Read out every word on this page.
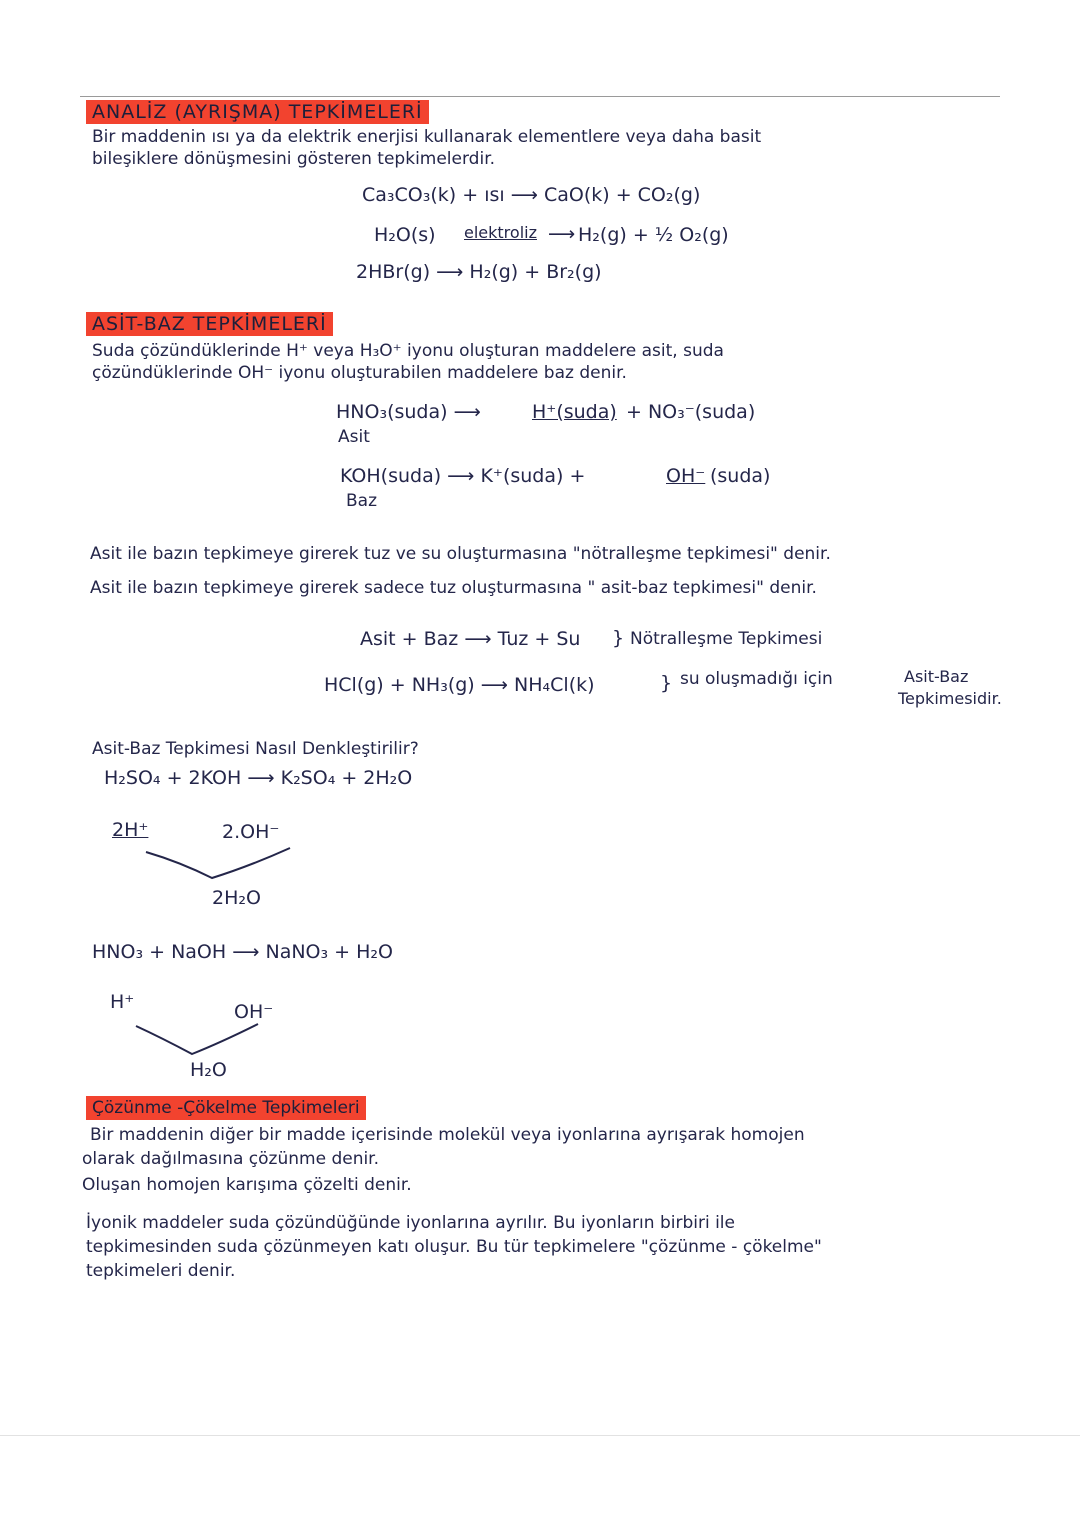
ANALİZ (AYRIŞMA) TEPKİMELERİ
Bir maddenin ısı ya da elektrik enerjisi kullanarak elementlere veya daha basit
bileşiklere dönüşmesini gösteren tepkimelerdir.
Ca₃CO₃(k) + ısı ⟶ CaO(k) + CO₂(g)
H₂O(s) elektroliz ⟶ H₂(g) + ½ O₂(g)
2HBr(g) ⟶ H₂(g) + Br₂(g)
ASİT-BAZ TEPKİMELERİ
Suda çözündüklerinde H⁺ veya H₃O⁺ iyonu oluşturan maddelere asit, suda
çözündüklerinde OH⁻ iyonu oluşturabilen maddelere baz denir.
HNO₃(suda) ⟶	H⁺(suda) + NO₃⁻(suda)
Asit
KOH(suda) ⟶ K⁺(suda) +	OH⁻ (suda)
Baz
Asit ile bazın tepkimeye girerek tuz ve su oluşturmasına "nötralleşme tepkimesi" denir.
Asit ile bazın tepkimeye girerek sadece tuz oluşturmasına " asit-baz tepkimesi" denir.
Asit + Baz ⟶ Tuz + Su } Nötralleşme Tepkimesi
HCl(g) + NH₃(g) ⟶ NH₄Cl(k)	} su oluşmadığı için	Asit-Baz
Tepkimesidir.
Asit-Baz Tepkimesi Nasıl Denkleştirilir?
H₂SO₄ + 2KOH ⟶ K₂SO₄ + 2H₂O
2H⁺	2.OH⁻
2H₂O
HNO₃ + NaOH ⟶ NaNO₃ + H₂O
H⁺	OH⁻
H₂O
Çözünme -Çökelme Tepkimeleri
Bir maddenin diğer bir madde içerisinde molekül veya iyonlarına ayrışarak homojen
olarak dağılmasına çözünme denir.
Oluşan homojen karışıma çözelti denir.
İyonik maddeler suda çözündüğünde iyonlarına ayrılır. Bu iyonların birbiri ile
tepkimesinden suda çözünmeyen katı oluşur. Bu tür tepkimelere "çözünme - çökelme"
tepkimeleri denir.
